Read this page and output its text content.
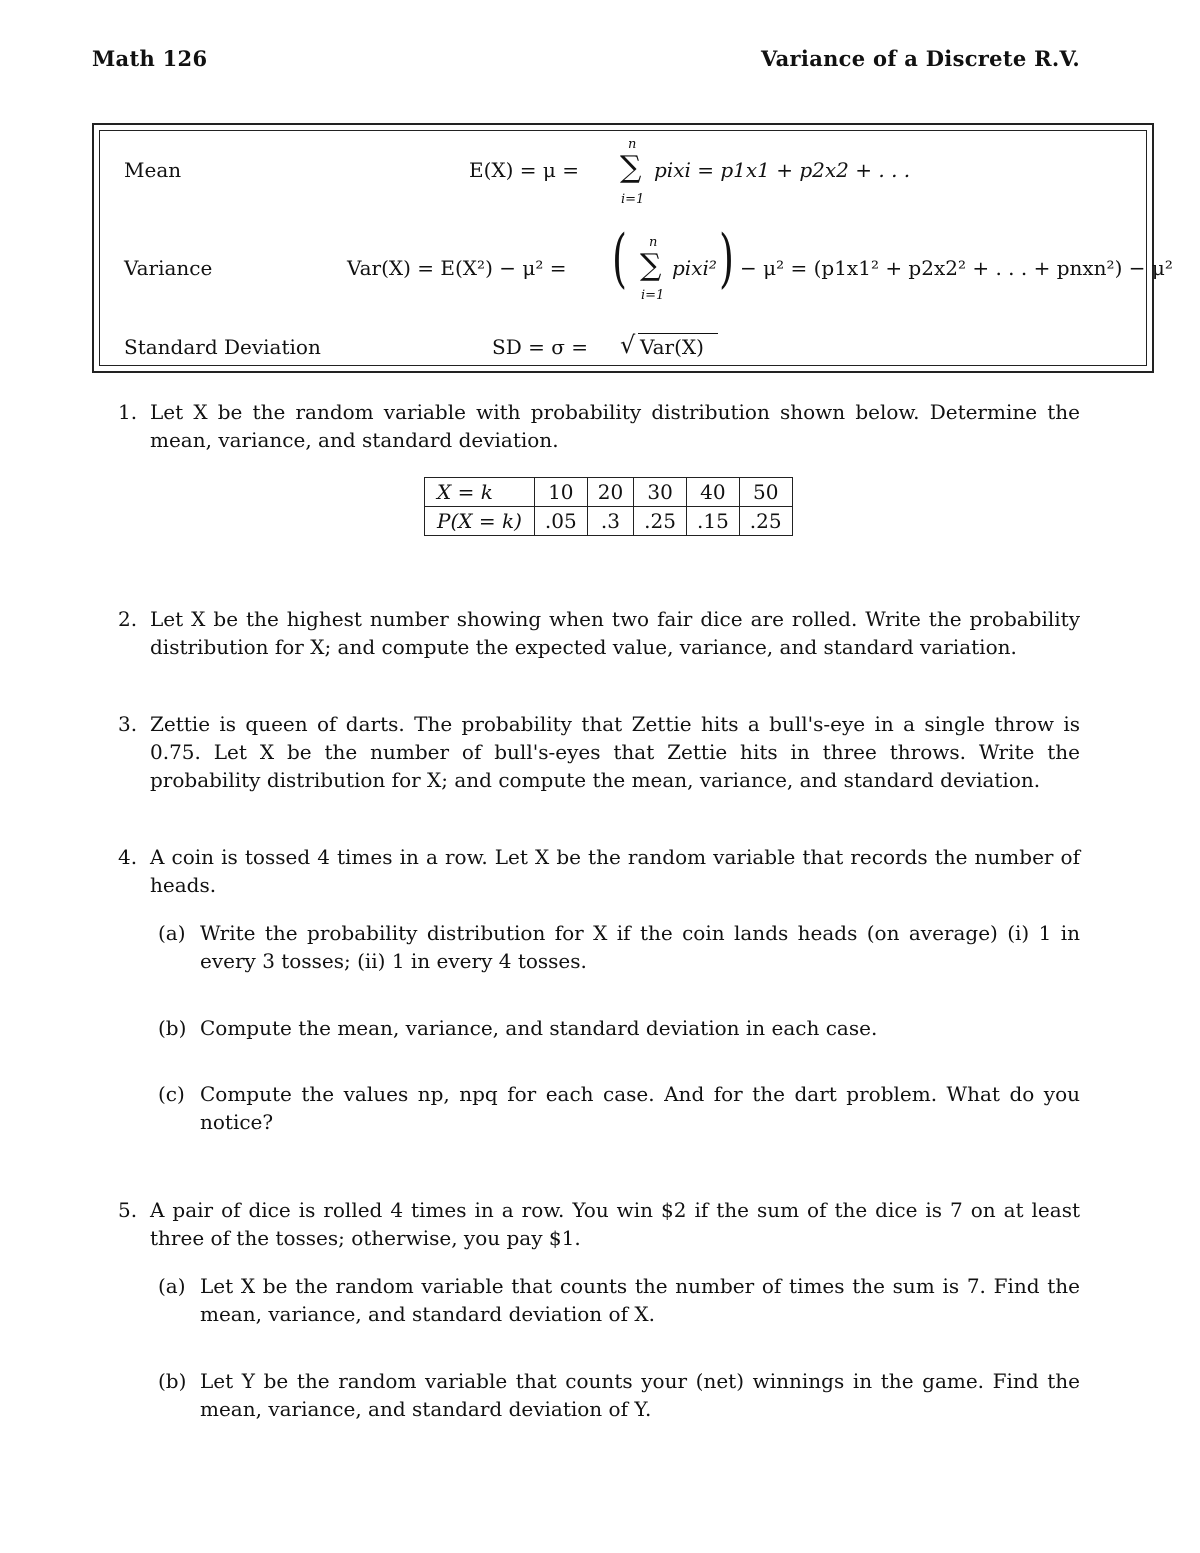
Math 126	Variance of a Discrete R.V.
Mean	E(X) = μ =
n
∑
i=1
pixi = p1x1 + p2x2 + . . .
Variance	Var(X) = E(X²) − μ² = ( n
∑
i=1
pixi² ) − μ² = (p1x1² + p2x2² + . . . + pnxn²) − μ²
Standard Deviation	SD = σ = √ Var(X)
1. Let X be the random variable with probability distribution shown below. Determine the mean, variance, and standard deviation.
X = k	10	20	30	40	50
P(X = k)	.05	.3	.25	.15	.25
2. Let X be the highest number showing when two fair dice are rolled. Write the probability distribution for X; and compute the expected value, variance, and standard variation.
3. Zettie is queen of darts. The probability that Zettie hits a bull's-eye in a single throw is 0.75. Let X be the number of bull's-eyes that Zettie hits in three throws. Write the probability distribution for X; and compute the mean, variance, and standard deviation.
4. A coin is tossed 4 times in a row. Let X be the random variable that records the number of heads.
(a) Write the probability distribution for X if the coin lands heads (on average) (i) 1 in every 3 tosses; (ii) 1 in every 4 tosses.
(b) Compute the mean, variance, and standard deviation in each case.
(c) Compute the values np, npq for each case. And for the dart problem. What do you notice?
5. A pair of dice is rolled 4 times in a row. You win $2 if the sum of the dice is 7 on at least three of the tosses; otherwise, you pay $1.
(a) Let X be the random variable that counts the number of times the sum is 7. Find the mean, variance, and standard deviation of X.
(b) Let Y be the random variable that counts your (net) winnings in the game. Find the mean, variance, and standard deviation of Y.
